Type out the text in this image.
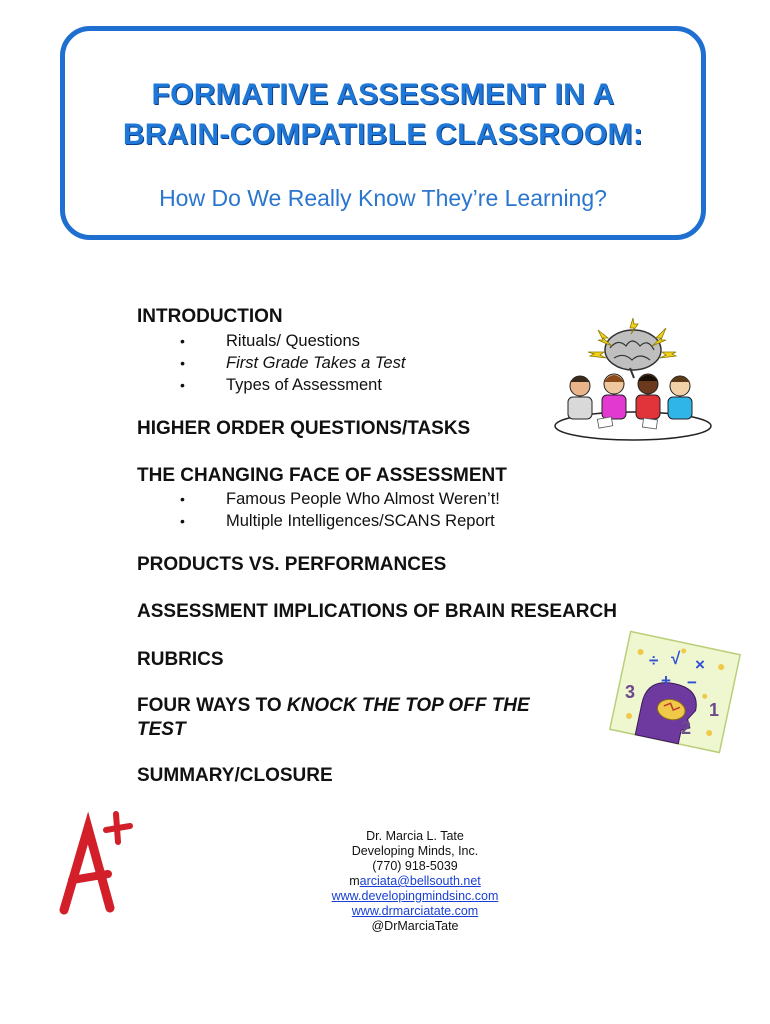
FORMATIVE ASSESSMENT IN A
BRAIN-COMPATIBLE CLASSROOM:
How Do We Really Know They’re Learning?
INTRODUCTION
• Rituals/ Questions
• First Grade Takes a Test
• Types of Assessment
HIGHER ORDER QUESTIONS/TASKS
THE CHANGING FACE OF ASSESSMENT
• Famous People Who Almost Weren’t!
• Multiple Intelligences/SCANS Report
PRODUCTS VS. PERFORMANCES
ASSESSMENT IMPLICATIONS OF BRAIN RESEARCH
RUBRICS
FOUR WAYS TO KNOCK THE TOP OFF THE
TEST
SUMMARY/CLOSURE
Dr. Marcia L. Tate
Developing Minds, Inc.
(770) 918-5039
marciata@bellsouth.net
www.developingmindsinc.com
www.drmarciatate.com
@DrMarciaTate
÷ √ ×
+ −
3
1
2
A+
